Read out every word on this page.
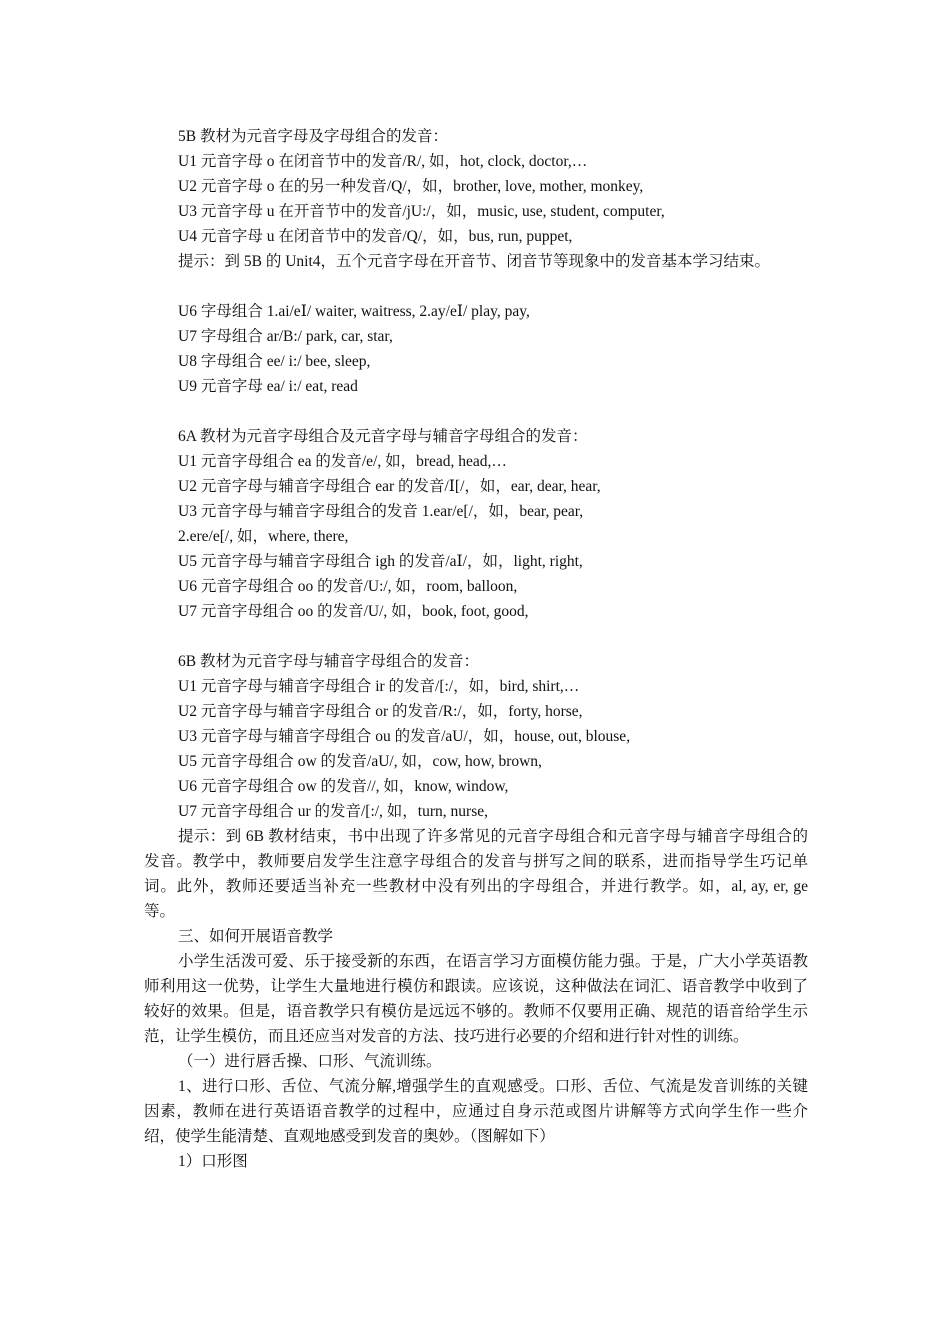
5B 教材为元音字母及字母组合的发音：
U1 元音字母 o 在闭音节中的发音/R/, 如，hot, clock, doctor,…
U2 元音字母 o 在的另一种发音/Q/，如，brother, love, mother, monkey,
U3 元音字母 u 在开音节中的发音/jU:/，如，music, use, student, computer,
U4 元音字母 u 在闭音节中的发音/Q/，如，bus, run, puppet,
提示：到 5B 的 Unit4，五个元音字母在开音节、闭音节等现象中的发音基本学习结束。
U6 字母组合 1.ai/eⅠ/ waiter, waitress, 2.ay/eⅠ/ play, pay,
U7 字母组合 ar/B:/ park, car, star,
U8 字母组合 ee/ i:/ bee, sleep,
U9 元音字母 ea/ i:/ eat, read
6A 教材为元音字母组合及元音字母与辅音字母组合的发音：
U1 元音字母组合 ea 的发音/e/, 如，bread, head,…
U2 元音字母与辅音字母组合 ear 的发音/Ⅰ[/，如，ear, dear, hear,
U3 元音字母与辅音字母组合的发音 1.ear/e[/，如，bear, pear,
2.ere/e[/, 如，where, there,
U5 元音字母与辅音字母组合 igh 的发音/aⅠ/，如，light, right,
U6 元音字母组合 oo 的发音/U:/, 如，room, balloon,
U7 元音字母组合 oo 的发音/U/, 如，book, foot, good,
6B 教材为元音字母与辅音字母组合的发音：
U1 元音字母与辅音字母组合 ir 的发音/[:/，如，bird, shirt,…
U2 元音字母与辅音字母组合 or 的发音/R:/，如，forty, horse,
U3 元音字母与辅音字母组合 ou 的发音/aU/，如，house, out, blouse,
U5 元音字母组合 ow 的发音/aU/, 如，cow, how, brown,
U6 元音字母组合 ow 的发音//, 如，know, window,
U7 元音字母组合 ur 的发音/[:/, 如，turn, nurse,

提示：到 6B 教材结束，书中出现了许多常见的元音字母组合和元音字母与辅音字母组合的发音。教学中，教师要启发学生注意字母组合的发音与拼写之间的联系，进而指导学生巧记单词。此外，教师还要适当补充一些教材中没有列出的字母组合，并进行教学。如，al, ay, er, ge 等。

三、如何开展语音教学

小学生活泼可爱、乐于接受新的东西，在语言学习方面模仿能力强。于是，广大小学英语教师利用这一优势，让学生大量地进行模仿和跟读。应该说，这种做法在词汇、语音教学中收到了较好的效果。但是，语音教学只有模仿是远远不够的。教师不仅要用正确、规范的语音给学生示范，让学生模仿，而且还应当对发音的方法、技巧进行必要的介绍和进行针对性的训练。

（一）进行唇舌操、口形、气流训练。

1、进行口形、舌位、气流分解,增强学生的直观感受。口形、舌位、气流是发音训练的关键因素，教师在进行英语语音教学的过程中，应通过自身示范或图片讲解等方式向学生作一些介绍，使学生能清楚、直观地感受到发音的奥妙。（图解如下）

1）口形图
